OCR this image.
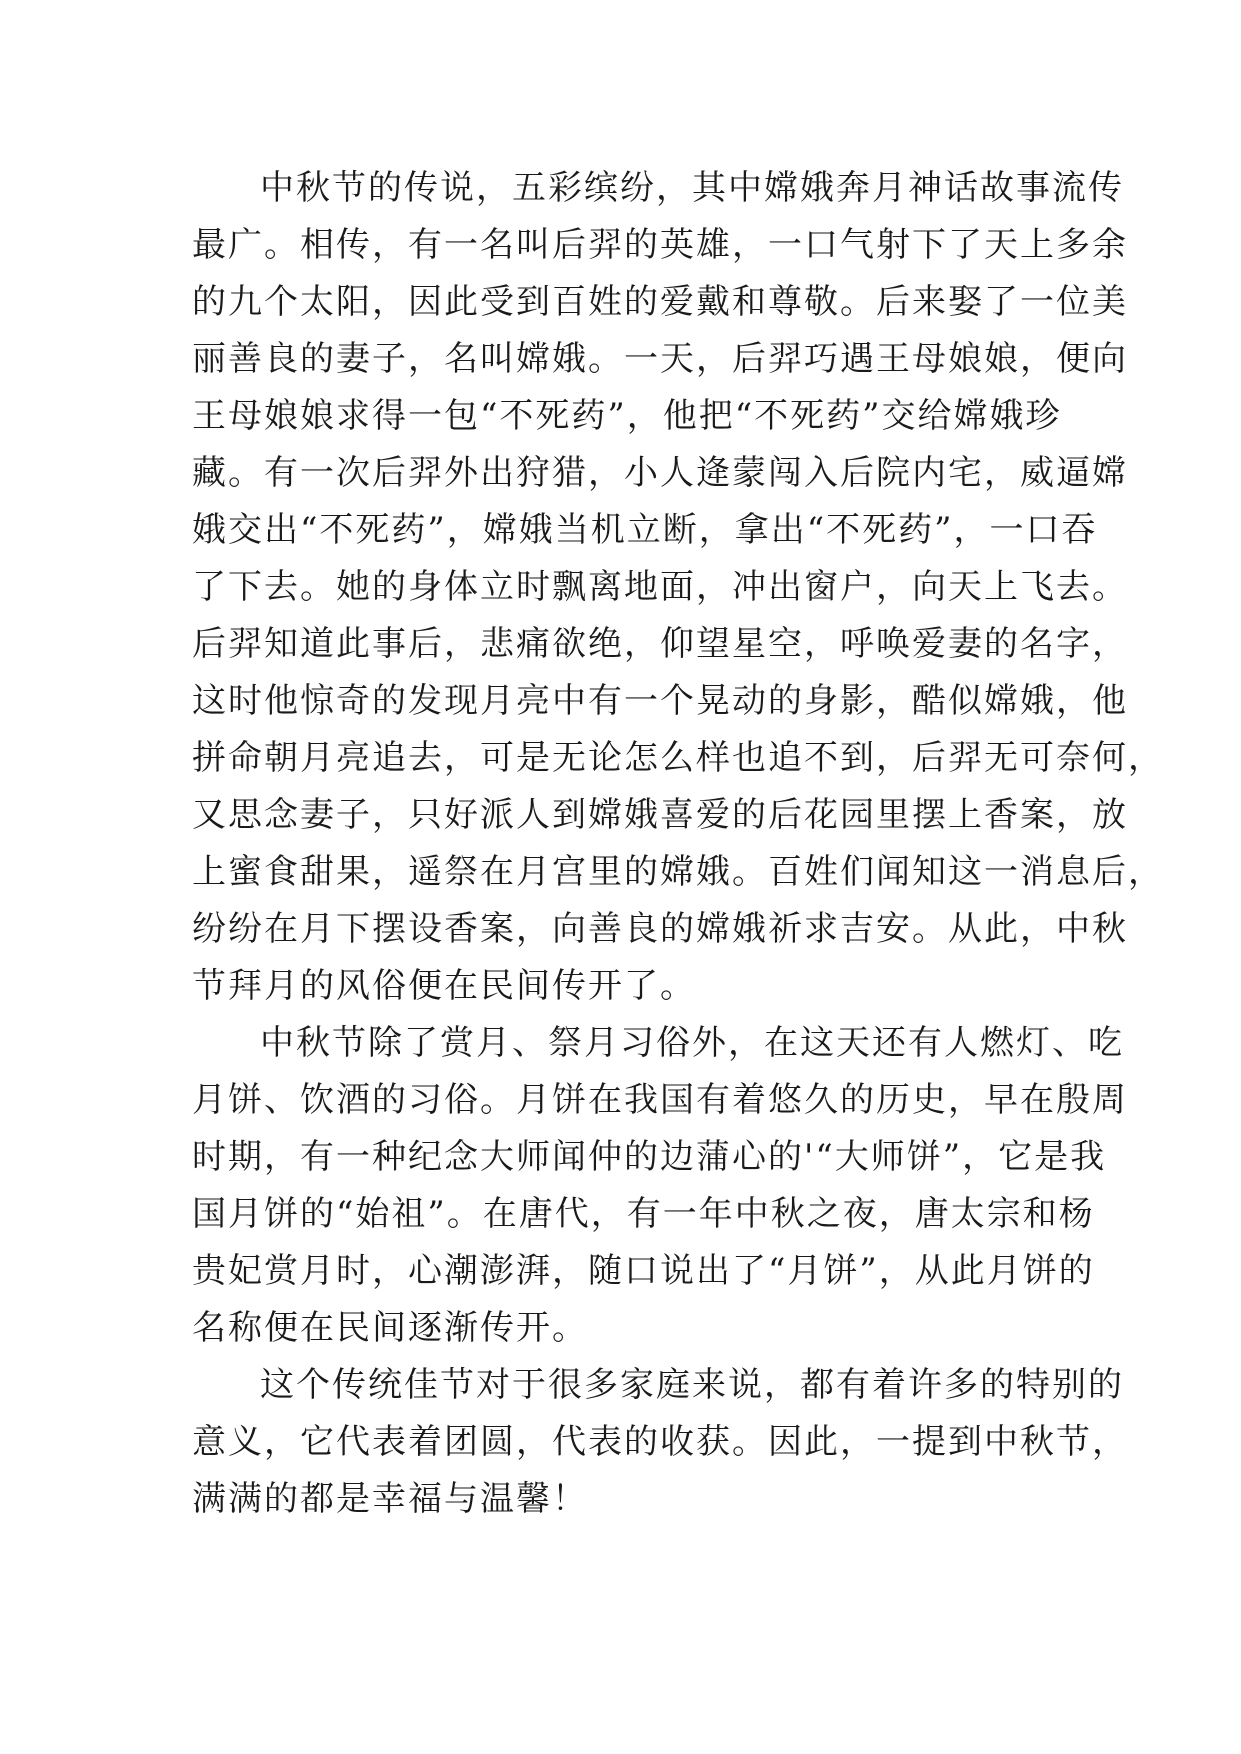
中秋节的传说，五彩缤纷，其中嫦娥奔月神话故事流传
最广。相传，有一名叫后羿的英雄，一口气射下了天上多余
的九个太阳，因此受到百姓的爱戴和尊敬。后来娶了一位美
丽善良的妻子，名叫嫦娥。一天，后羿巧遇王母娘娘，便向
王母娘娘求得一包“不死药”，他把“不死药”交给嫦娥珍
藏。有一次后羿外出狩猎，小人逄蒙闯入后院内宅，威逼嫦
娥交出“不死药”，嫦娥当机立断，拿出“不死药”，一口吞
了下去。她的身体立时飘离地面，冲出窗户，向天上飞去。
后羿知道此事后，悲痛欲绝，仰望星空，呼唤爱妻的名字，
这时他惊奇的发现月亮中有一个晃动的身影，酷似嫦娥，他
拼命朝月亮追去，可是无论怎么样也追不到，后羿无可奈何，
又思念妻子，只好派人到嫦娥喜爱的后花园里摆上香案，放
上蜜食甜果，遥祭在月宫里的嫦娥。百姓们闻知这一消息后，
纷纷在月下摆设香案，向善良的嫦娥祈求吉安。从此，中秋
节拜月的风俗便在民间传开了。
中秋节除了赏月、祭月习俗外，在这天还有人燃灯、吃
月饼、饮酒的习俗。月饼在我国有着悠久的历史，早在殷周
时期，有一种纪念大师闻仲的边蒲心的'“大师饼”，它是我
国月饼的“始祖”。在唐代，有一年中秋之夜，唐太宗和杨
贵妃赏月时，心潮澎湃，随口说出了“月饼”，从此月饼的
名称便在民间逐渐传开。
这个传统佳节对于很多家庭来说，都有着许多的特别的
意义，它代表着团圆，代表的收获。因此，一提到中秋节，
满满的都是幸福与温馨！
